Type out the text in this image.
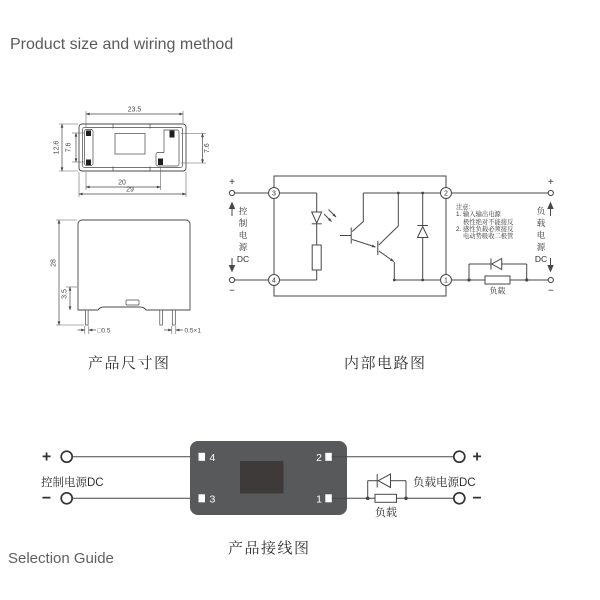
23.5
12.6 7.6	7.6
20
29
28
3.5
□0.5	0.5×1
+
−
3
4
2
1
+
负载	−
+
−
4
3
2
1
+
−
Product size and wiring method
产品尺寸图	内部电路图
产品接线图
控
制
电
源
DC
负
载
电
源
DC
注意:
1. 输入输出电源
极性绝对不能接反
2. 感性负载必须接反
电动势吸收二极管
控制电源DC	负载电源DC
负载
Selection Guide
